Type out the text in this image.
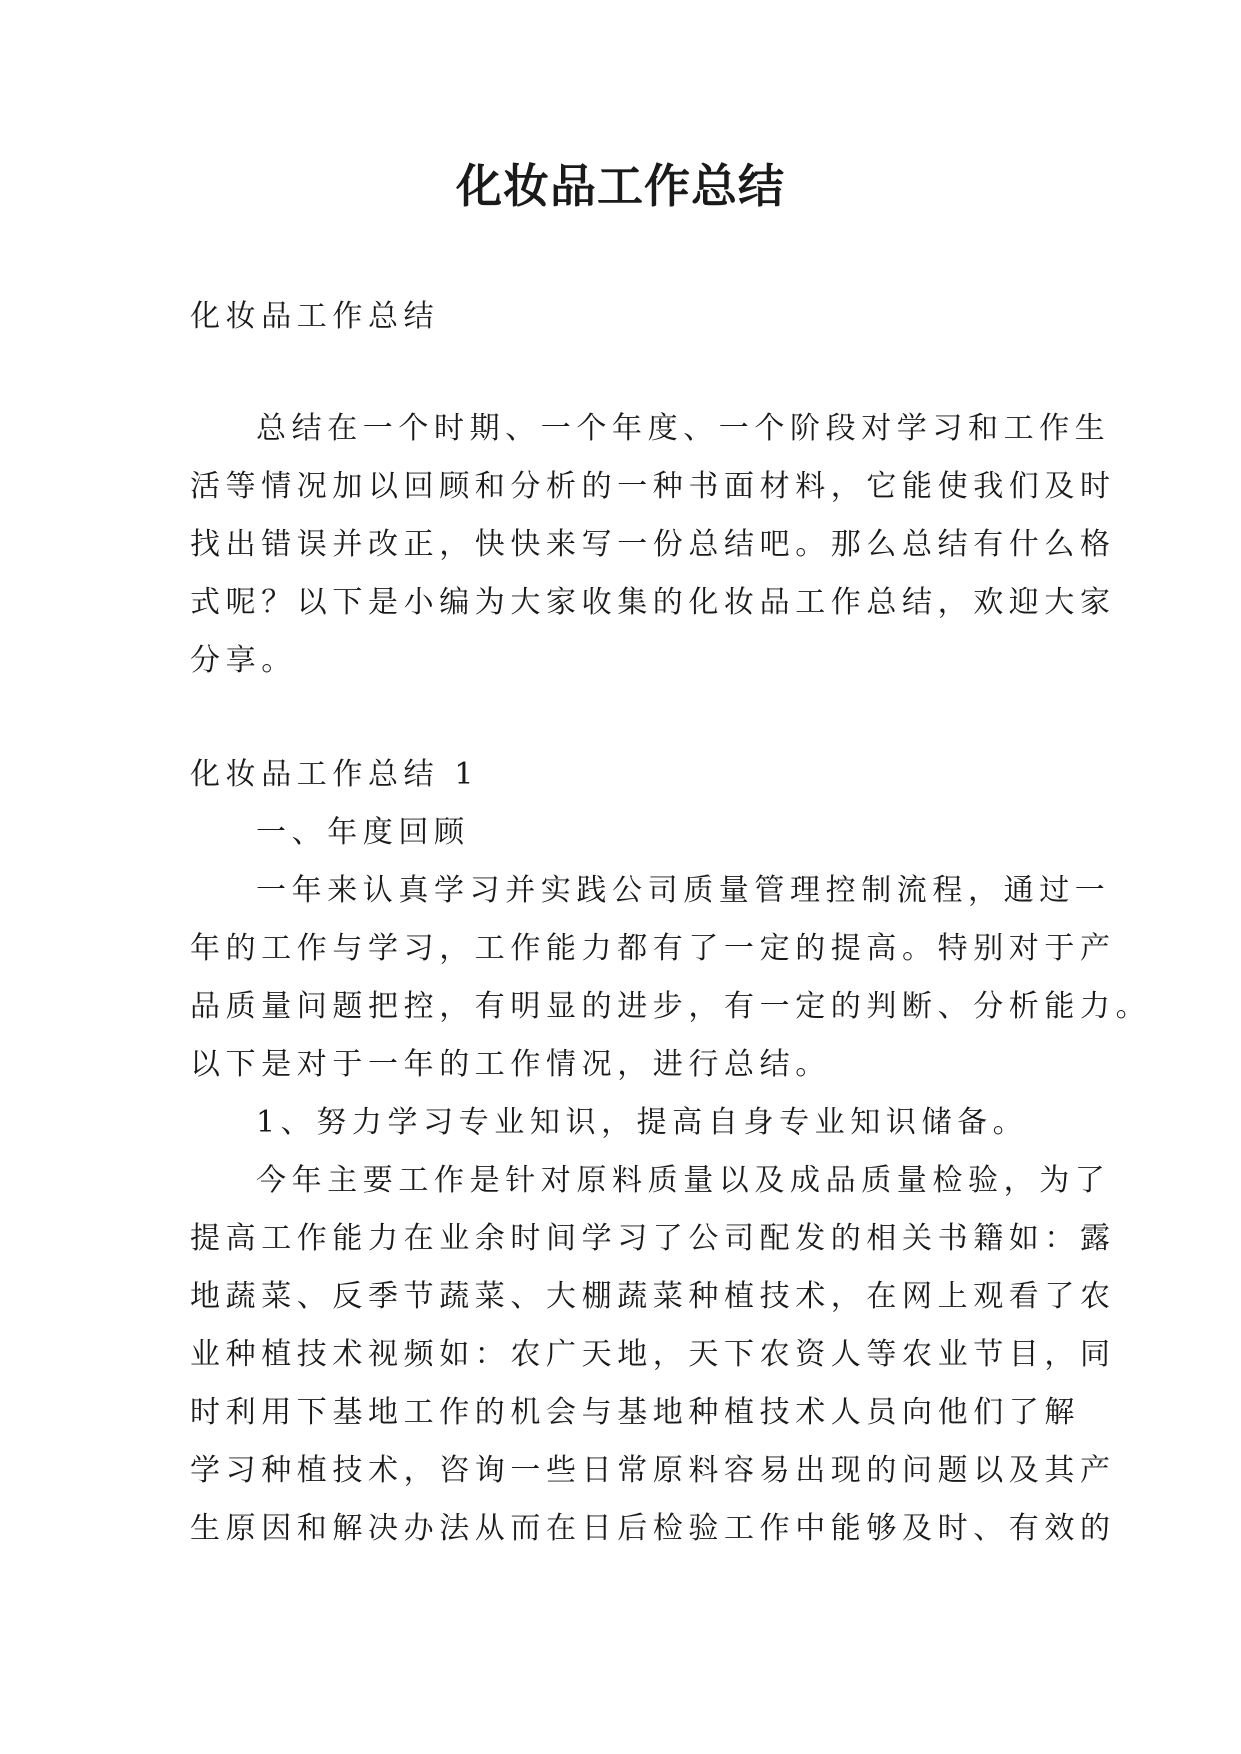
化妆品工作总结

化妆品工作总结

总结在一个时期、一个年度、一个阶段对学习和工作生

活等情况加以回顾和分析的一种书面材料，它能使我们及时

找出错误并改正，快快来写一份总结吧。那么总结有什么格

式呢？以下是小编为大家收集的化妆品工作总结，欢迎大家

分享。

化妆品工作总结 1

一、年度回顾

一年来认真学习并实践公司质量管理控制流程，通过一

年的工作与学习，工作能力都有了一定的提高。特别对于产

品质量问题把控，有明显的进步，有一定的判断、分析能力。

以下是对于一年的工作情况，进行总结。

1、努力学习专业知识，提高自身专业知识储备。

今年主要工作是针对原料质量以及成品质量检验，为了

提高工作能力在业余时间学习了公司配发的相关书籍如：露

地蔬菜、反季节蔬菜、大棚蔬菜种植技术，在网上观看了农

业种植技术视频如：农广天地，天下农资人等农业节目，同

时利用下基地工作的机会与基地种植技术人员向他们了解

学习种植技术，咨询一些日常原料容易出现的问题以及其产

生原因和解决办法从而在日后检验工作中能够及时、有效的
